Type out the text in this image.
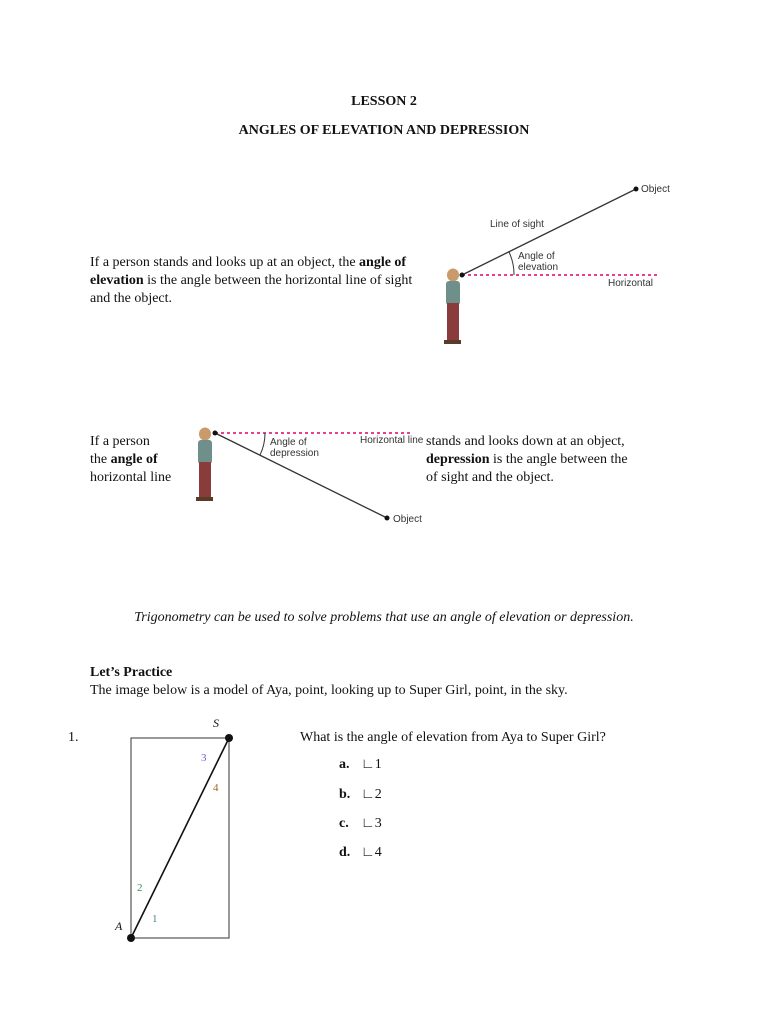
LESSON 2
ANGLES OF ELEVATION AND DEPRESSION
If a person stands and looks up at an object, the angle of elevation is the angle between the horizontal line of sight and the object.
Object
Line of sight
Angle of
elevation
Horizontal
If a person
the angle of
horizontal line
stands and looks down at an object,
depression is the angle between the
of sight and the object.
Angle of
depression
Horizontal line
Object
Trigonometry can be used to solve problems that use an angle of elevation or depression.
Let’s Practice
The image below is a model of Aya, point, looking up to Super Girl, point, in the sky.
1.	What is the angle of elevation from Aya to Super Girl?
a. ∟1
b. ∟2
c. ∟3
d. ∟4
S
A	1
2
3
4
